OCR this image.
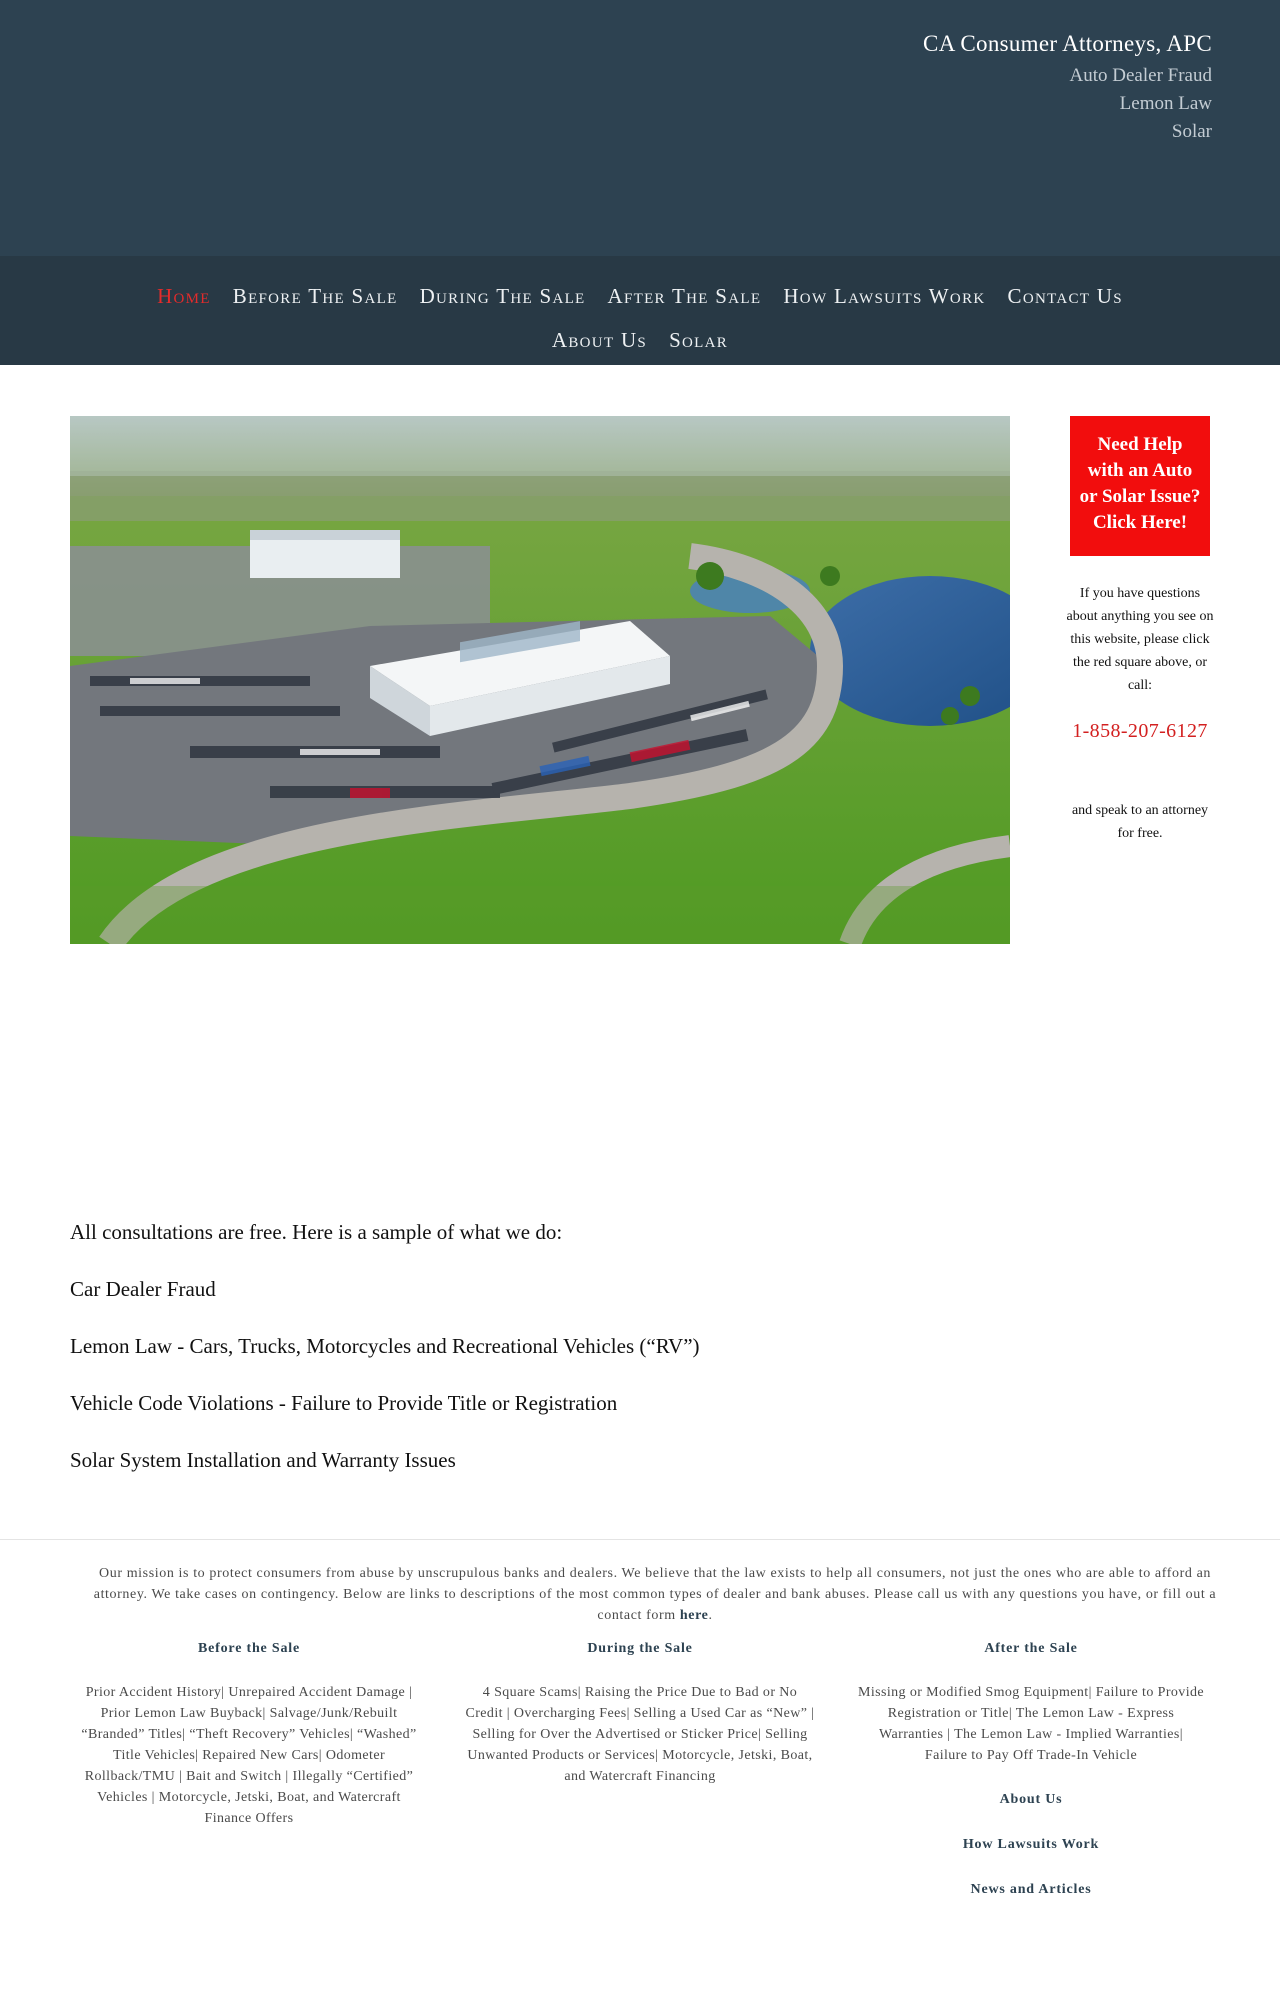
CA Consumer Attorneys, APC
Auto Dealer Fraud
Lemon Law
Solar
Home Before The Sale During The Sale After The Sale How Lawsuits Work Contact Us
About Us Solar
Need Help
with an Auto
or Solar Issue?
Click Here!
If you have questions about anything you see on this website, please click the red square above, or call:
1-858-207-6127
and speak to an attorney for free.

All consultations are free. Here is a sample of what we do:

Car Dealer Fraud

Lemon Law - Cars, Trucks, Motorcycles and Recreational Vehicles (“RV”)

Vehicle Code Violations - Failure to Provide Title or Registration

Solar System Installation and Warranty Issues

Our mission is to protect consumers from abuse by unscrupulous banks and dealers. We believe that the law exists to help all consumers, not just the ones who are able to afford an attorney. We take cases on contingency. Below are links to descriptions of the most common types of dealer and bank abuses. Please call us with any questions you have, or fill out a contact form here.

Before the Sale
Prior Accident History| Unrepaired Accident Damage | Prior Lemon Law Buyback| Salvage/Junk/Rebuilt “Branded” Titles| “Theft Recovery” Vehicles| “Washed” Title Vehicles| Repaired New Cars| Odometer Rollback/TMU | Bait and Switch | Illegally “Certified” Vehicles | Motorcycle, Jetski, Boat, and Watercraft Finance Offers
During the Sale
4 Square Scams| Raising the Price Due to Bad or No Credit | Overcharging Fees| Selling a Used Car as “New” | Selling for Over the Advertised or Sticker Price| Selling Unwanted Products or Services| Motorcycle, Jetski, Boat, and Watercraft Financing
After the Sale
Missing or Modified Smog Equipment| Failure to Provide Registration or Title| The Lemon Law - Express Warranties | The Lemon Law - Implied Warranties| Failure to Pay Off Trade-In Vehicle
About Us
How Lawsuits Work
News and Articles
